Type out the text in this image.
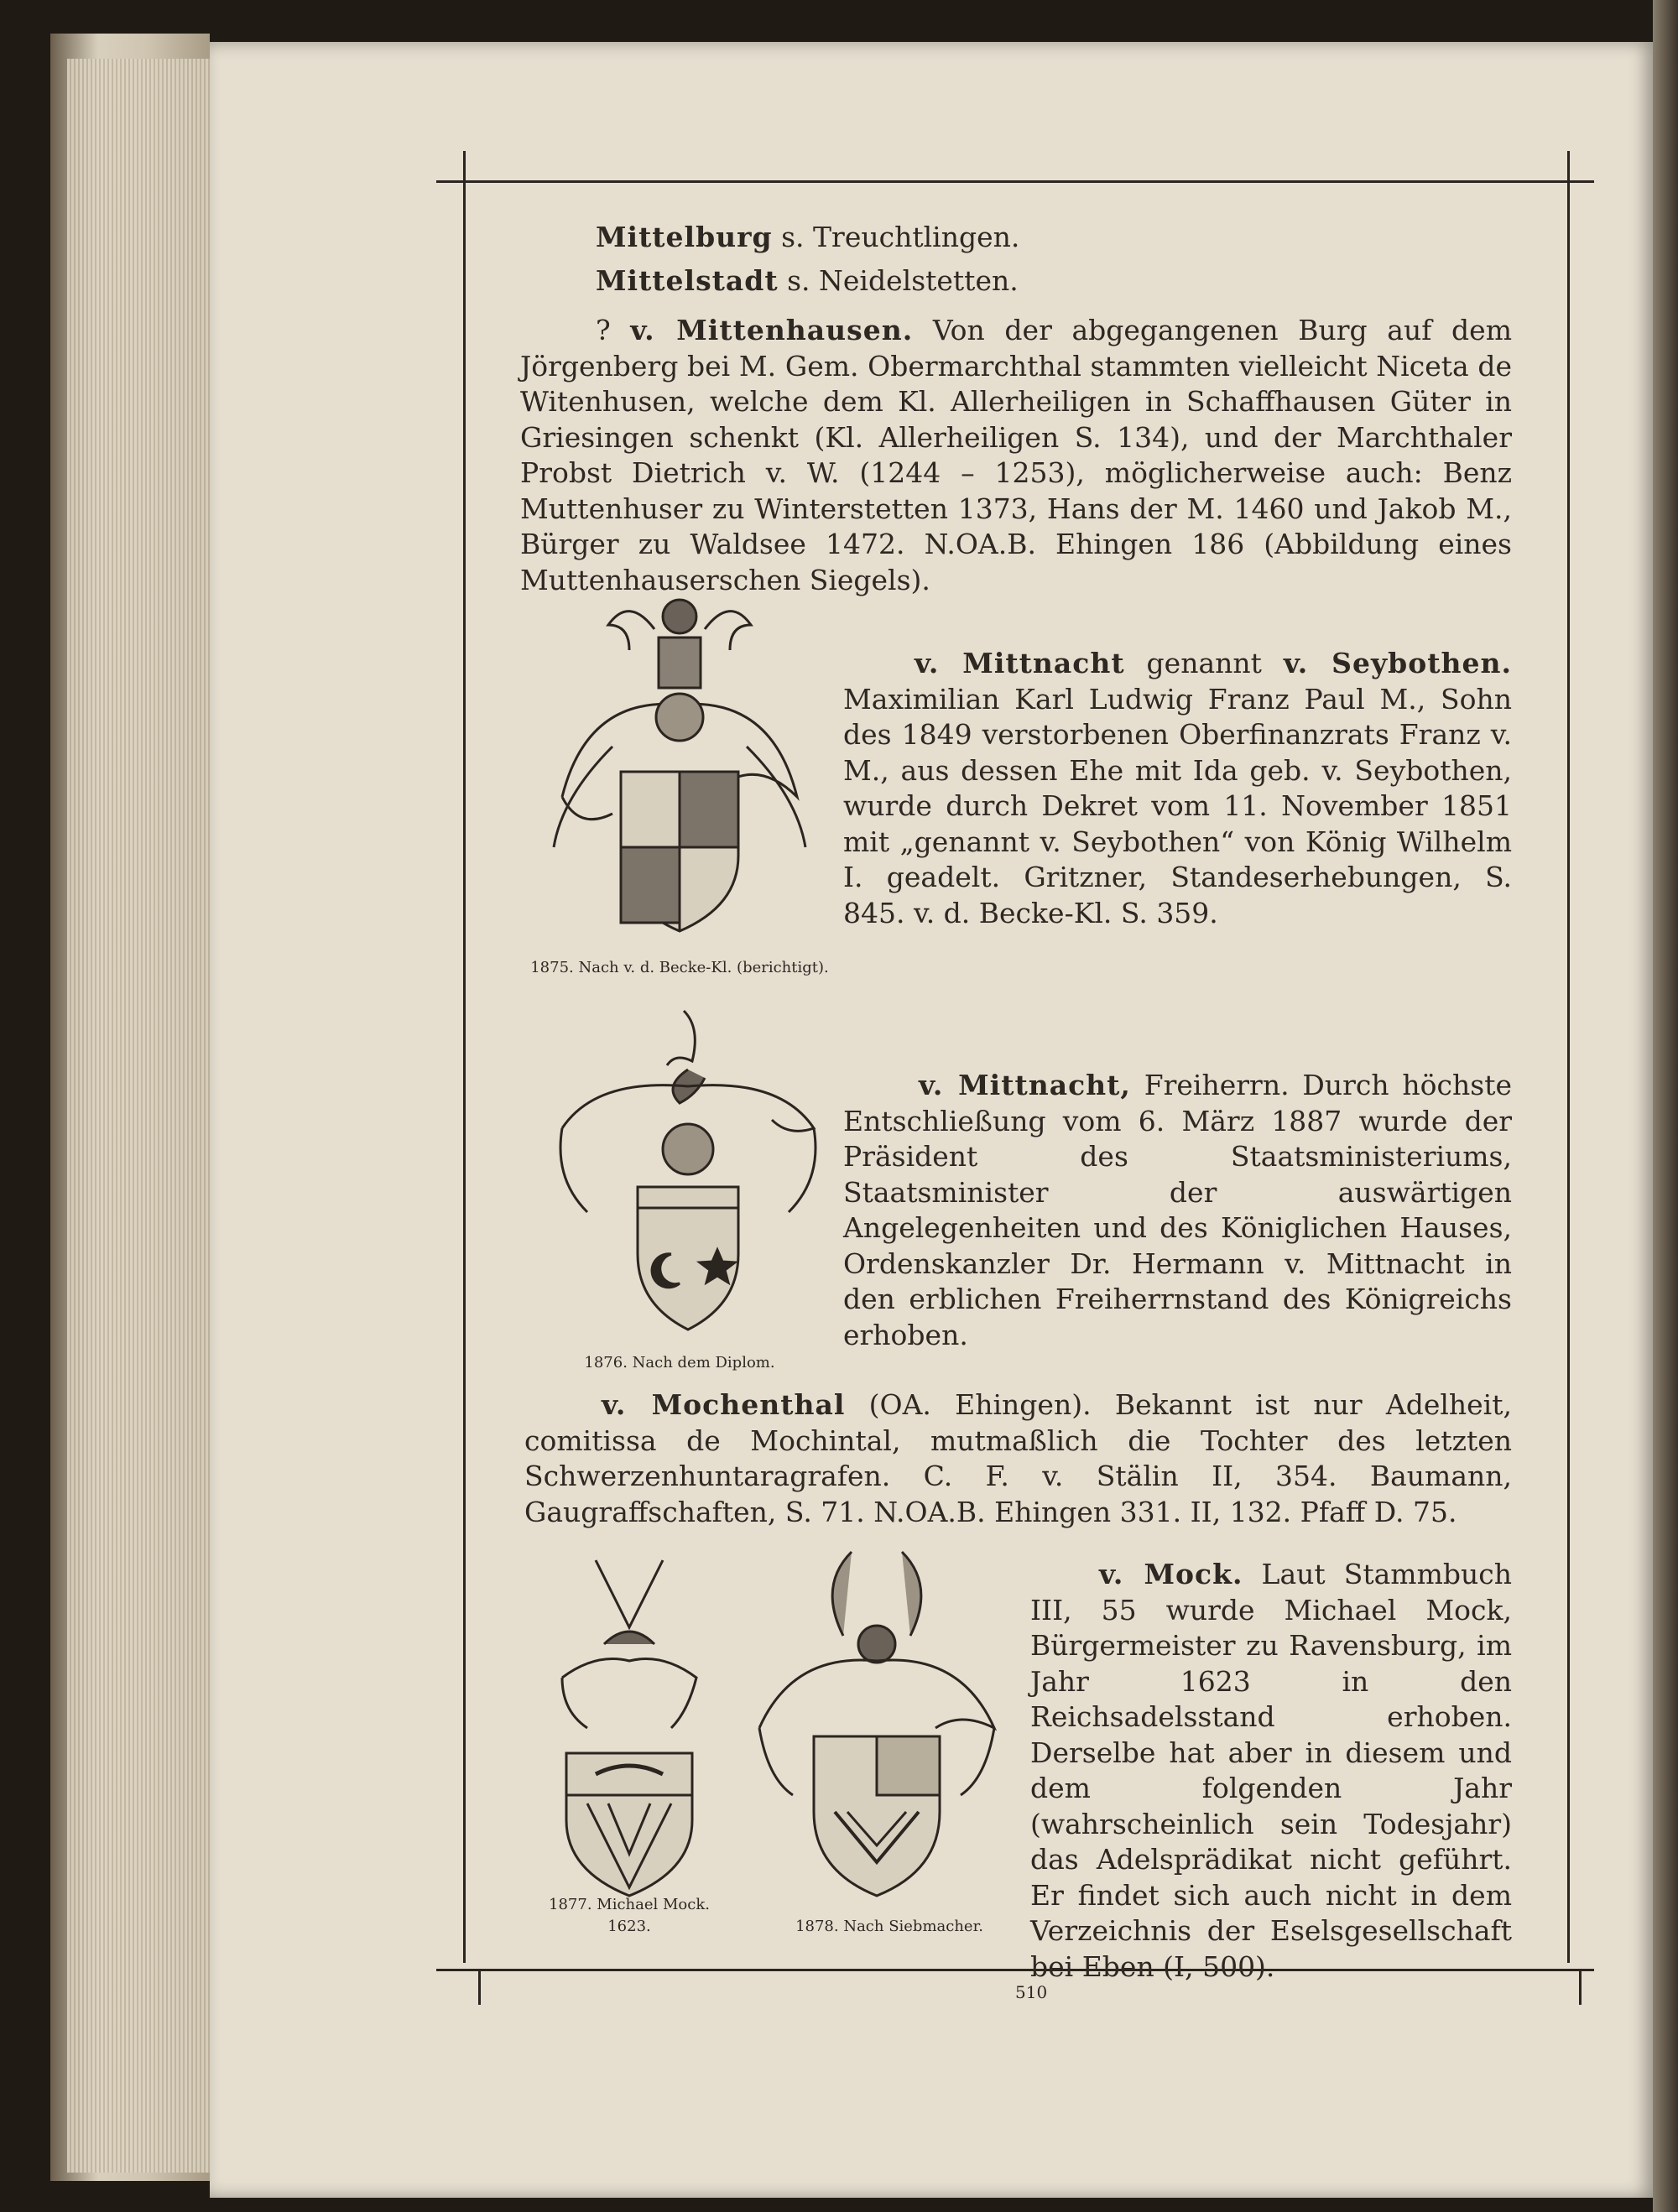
Mittelburg s. Treuchtlingen.
Mittelstadt s. Neidelstetten.
? v. Mittenhausen. Von der abgegangenen Burg auf dem Jörgenberg bei M. Gem. Obermarchthal stammten vielleicht Niceta de Witenhusen, welche dem Kl. Allerheiligen in Schaffhausen Güter in Griesingen schenkt (Kl. Allerheiligen S. 134), und der Marchthaler Probst Dietrich v. W. (1244 – 1253), möglicherweise auch: Benz Muttenhuser zu Winterstetten 1373, Hans der M. 1460 und Jakob M., Bürger zu Waldsee 1472. N.OA.B. Ehingen 186 (Abbildung eines Muttenhauserschen Siegels).
1875. Nach v. d. Becke-Kl. (berichtigt).
v. Mittnacht genannt v. Seybothen. Maximilian Karl Ludwig Franz Paul M., Sohn des 1849 verstorbenen Oberfinanzrats Franz v. M., aus dessen Ehe mit Ida geb. v. Seybothen, wurde durch Dekret vom 11. November 1851 mit „genannt v. Seybothen“ von König Wilhelm I. geadelt. Gritzner, Standeserhebungen, S. 845. v. d. Becke-Kl. S. 359.
1876. Nach dem Diplom.
v. Mittnacht, Freiherrn. Durch höchste Entschließung vom 6. März 1887 wurde der Präsident des Staatsministeriums, Staatsminister der auswärtigen Angelegenheiten und des Königlichen Hauses, Ordenskanzler Dr. Hermann v. Mittnacht in den erblichen Freiherrnstand des Königreichs erhoben.
v. Mochenthal (OA. Ehingen). Bekannt ist nur Adelheit, comitissa de Mochintal, mutmaßlich die Tochter des letzten Schwerzenhuntaragrafen. C. F. v. Stälin II, 354. Baumann, Gaugraffschaften, S. 71. N.OA.B. Ehingen 331. II, 132. Pfaff D. 75.
1877. Michael Mock.
1623.	1878. Nach Siebmacher.
v. Mock. Laut Stammbuch III, 55 wurde Michael Mock, Bürgermeister zu Ravensburg, im Jahr 1623 in den Reichsadelsstand erhoben. Derselbe hat aber in diesem und dem folgenden Jahr (wahrscheinlich sein Todesjahr) das Adelsprädikat nicht geführt. Er findet sich auch nicht in dem Verzeichnis der Eselsgesellschaft bei Eben (I, 500).
510
